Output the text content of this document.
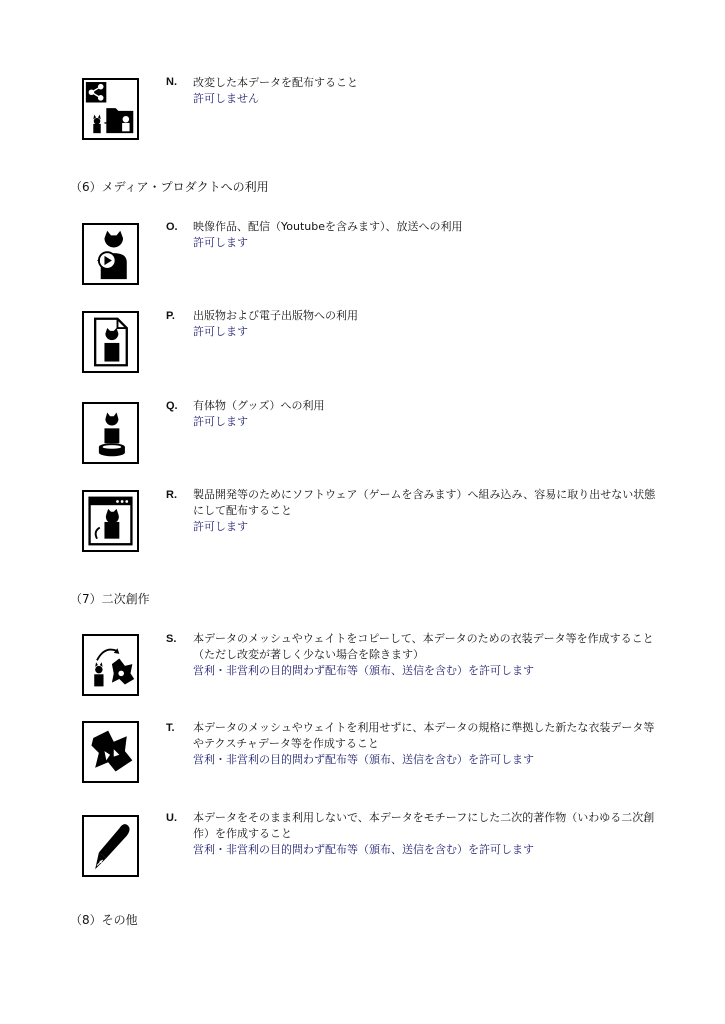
N. 改変した本データを配布すること
許可しません
（6）メディア・プロダクトへの利用
O. 映像作品、配信（Youtubeを含みます）、放送への利用
許可します
P. 出版物および電子出版物への利用
許可します
Q. 有体物（グッズ）への利用
許可します
R. 製品開発等のためにソフトウェア（ゲームを含みます）へ組み込み、容易に取り出せない状態にして配布すること
許可します
（7）二次創作
S. 本データのメッシュやウェイトをコピーして、本データのための衣装データ等を作成すること（ただし改変が著しく少ない場合を除きます）
営利・非営利の目的問わず配布等（頒布、送信を含む）を許可します
T. 本データのメッシュやウェイトを利用せずに、本データの規格に準拠した新たな衣装データ等やテクスチャデータ等を作成すること
営利・非営利の目的問わず配布等（頒布、送信を含む）を許可します
U. 本データをそのまま利用しないで、本データをモチーフにした二次的著作物（いわゆる二次創作）を作成すること
営利・非営利の目的問わず配布等（頒布、送信を含む）を許可します
（8）その他
